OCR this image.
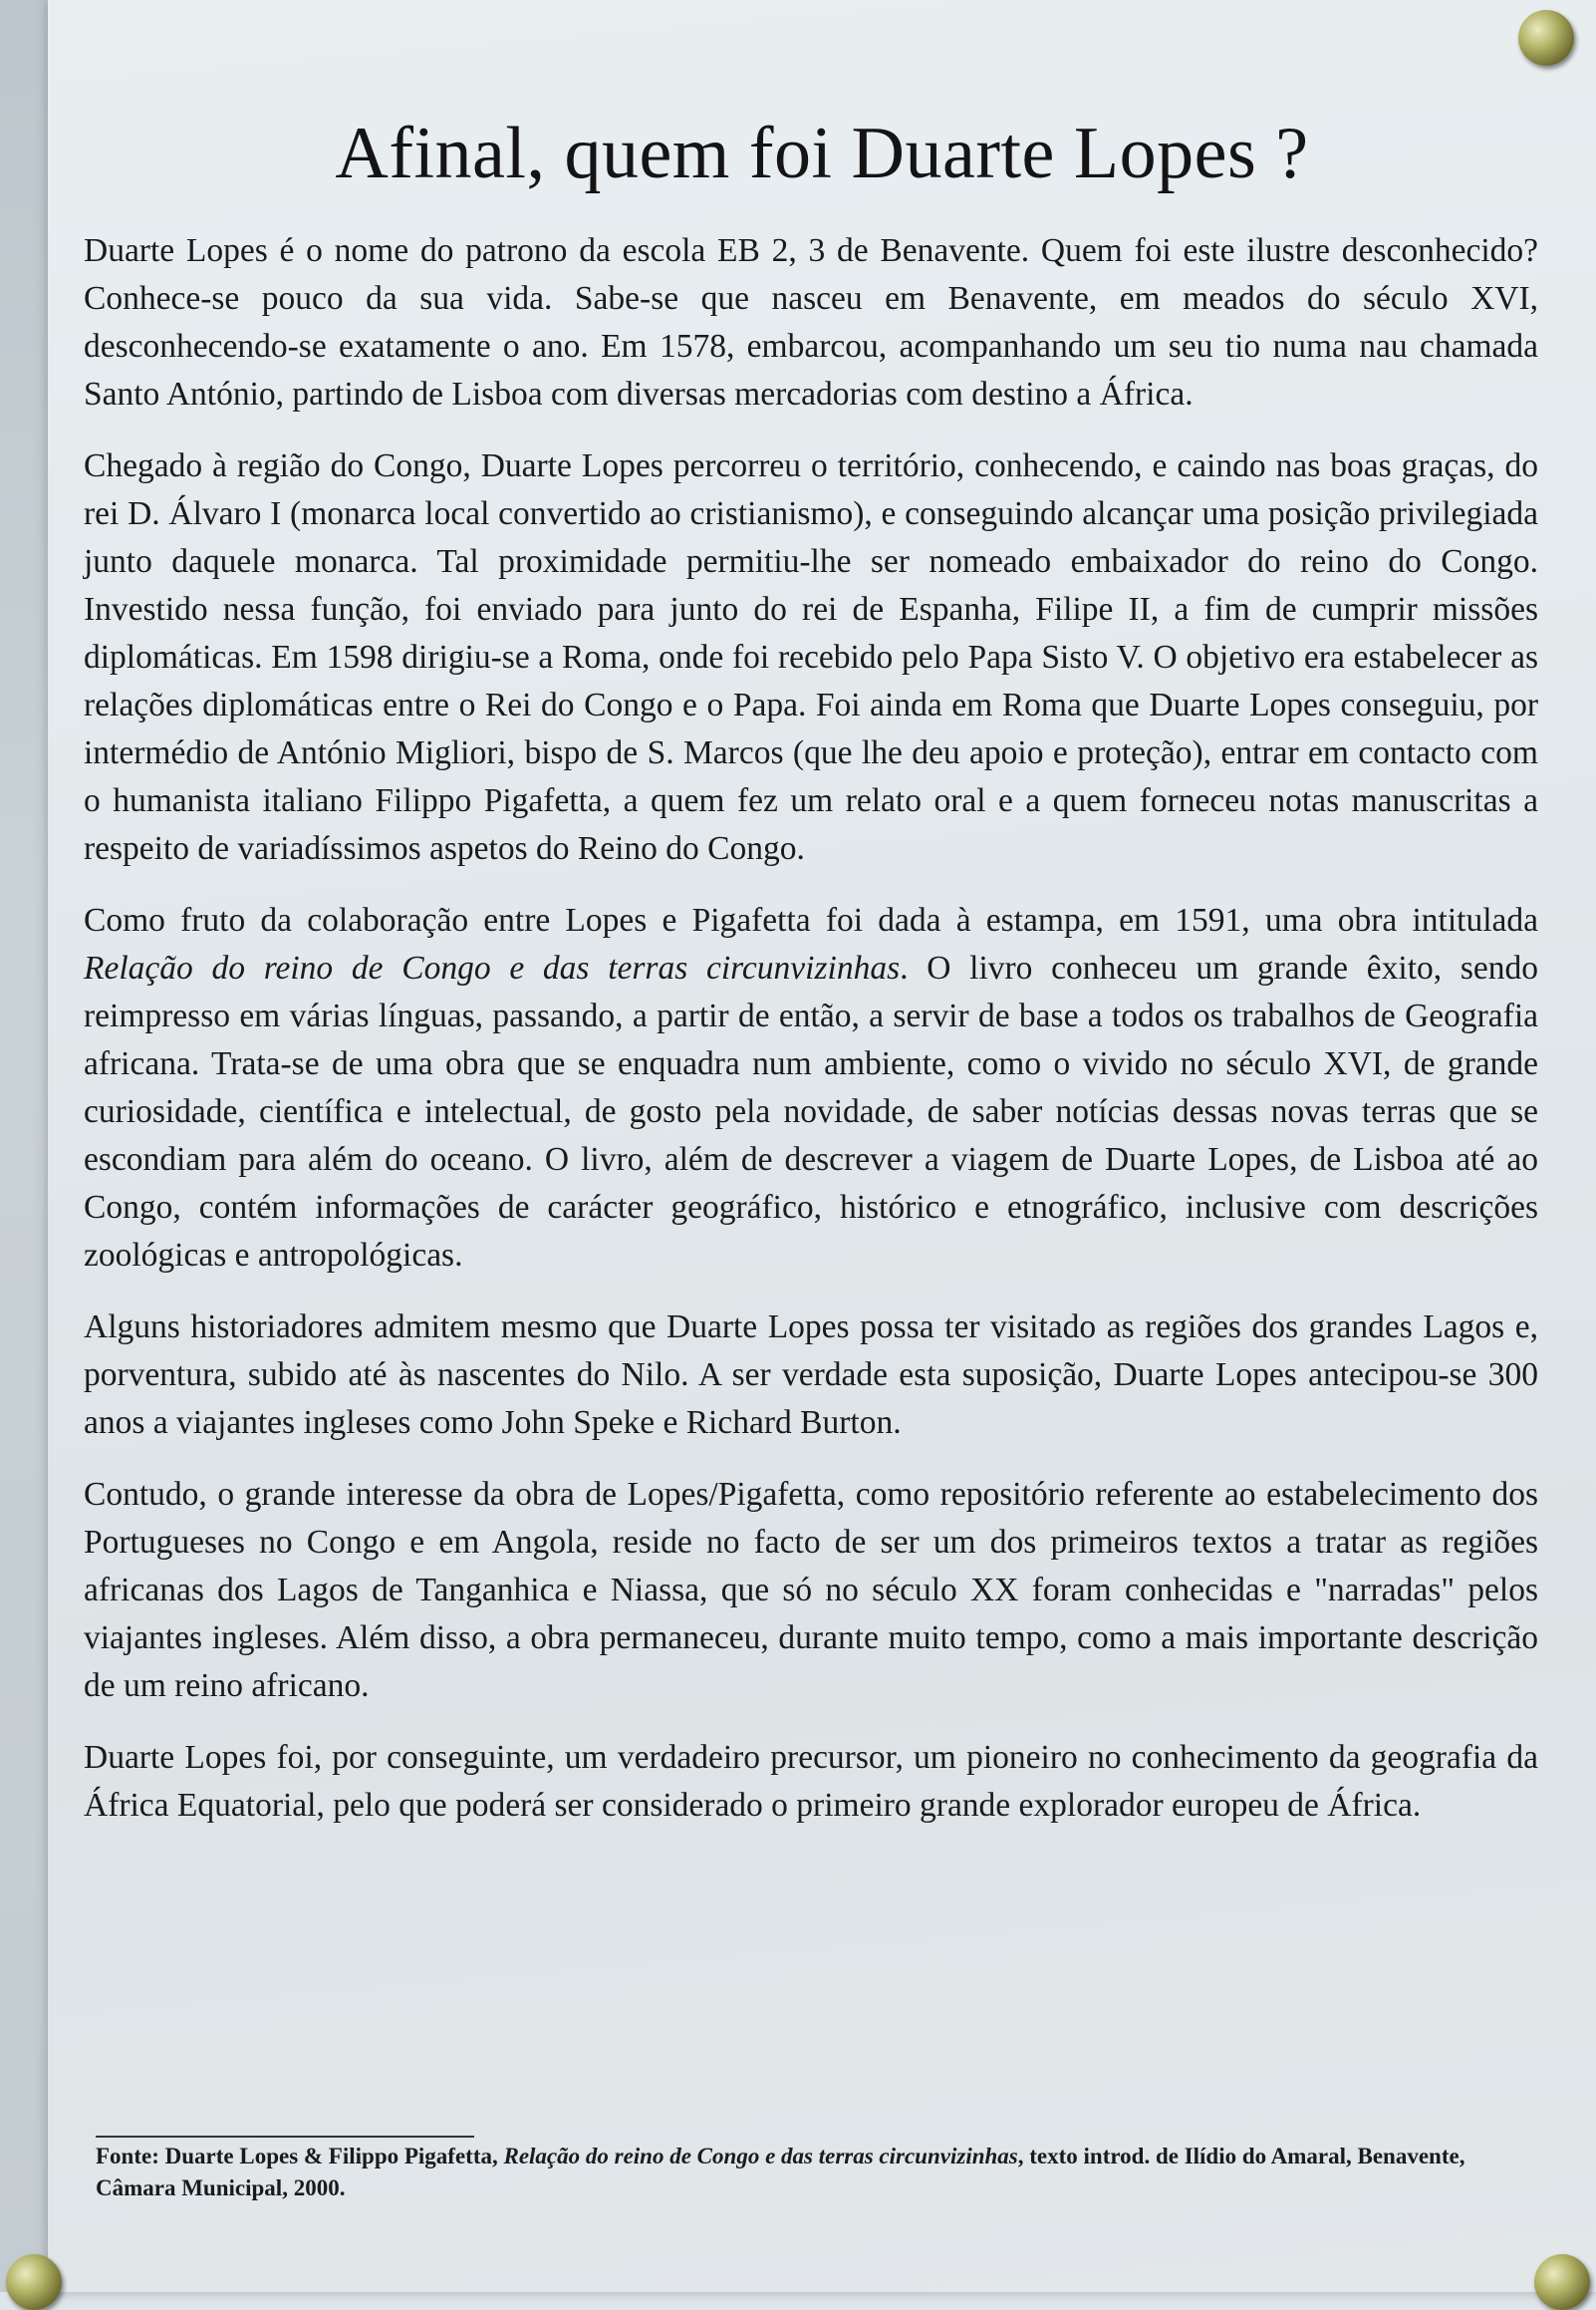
Afinal, quem foi Duarte Lopes ?

Duarte Lopes é o nome do patrono da escola EB 2, 3 de Benavente. Quem foi este ilustre desconhecido? Conhece-se pouco da sua vida. Sabe-se que nasceu em Benavente, em meados do século XVI, desconhecendo-se exatamente o ano. Em 1578, embarcou, acompanhando um seu tio numa nau chamada Santo António, partindo de Lisboa com diversas mercadorias com destino a África.

Chegado à região do Congo, Duarte Lopes percorreu o território, conhecendo, e caindo nas boas graças, do rei D. Álvaro I (monarca local convertido ao cristianismo), e conseguindo alcançar uma posição privilegiada junto daquele monarca. Tal proximidade permitiu-lhe ser nomeado embaixador do reino do Congo. Investido nessa função, foi enviado para junto do rei de Espanha, Filipe II, a fim de cumprir missões diplomáticas. Em 1598 dirigiu-se a Roma, onde foi recebido pelo Papa Sisto V. O objetivo era estabelecer as relações diplomáticas entre o Rei do Congo e o Papa. Foi ainda em Roma que Duarte Lopes conseguiu, por intermédio de António Migliori, bispo de S. Marcos (que lhe deu apoio e proteção), entrar em contacto com o humanista italiano Filippo Pigafetta, a quem fez um relato oral e a quem forneceu notas manuscritas a respeito de variadíssimos aspetos do Reino do Congo.

Como fruto da colaboração entre Lopes e Pigafetta foi dada à estampa, em 1591, uma obra intitulada Relação do reino de Congo e das terras circunvizinhas. O livro conheceu um grande êxito, sendo reimpresso em várias línguas, passando, a partir de então, a servir de base a todos os trabalhos de Geografia africana. Trata-se de uma obra que se enquadra num ambiente, como o vivido no século XVI, de grande curiosidade, científica e intelectual, de gosto pela novidade, de saber notícias dessas novas terras que se escondiam para além do oceano. O livro, além de descrever a viagem de Duarte Lopes, de Lisboa até ao Congo, contém informações de carácter geográfico, histórico e etnográfico, inclusive com descrições zoológicas e antropológicas.

Alguns historiadores admitem mesmo que Duarte Lopes possa ter visitado as regiões dos grandes Lagos e, porventura, subido até às nascentes do Nilo. A ser verdade esta suposição, Duarte Lopes antecipou-se 300 anos a viajantes ingleses como John Speke e Richard Burton.

Contudo, o grande interesse da obra de Lopes/Pigafetta, como repositório referente ao estabelecimento dos Portugueses no Congo e em Angola, reside no facto de ser um dos primeiros textos a tratar as regiões africanas dos Lagos de Tanganhica e Niassa, que só no século XX foram conhecidas e "narradas" pelos viajantes ingleses. Além disso, a obra permaneceu, durante muito tempo, como a mais importante descrição de um reino africano.

Duarte Lopes foi, por conseguinte, um verdadeiro precursor, um pioneiro no conhecimento da geografia da África Equatorial, pelo que poderá ser considerado o primeiro grande explorador europeu de África.

Fonte: Duarte Lopes & Filippo Pigafetta, Relação do reino de Congo e das terras circunvizinhas, texto introd. de Ilídio do Amaral, Benavente, Câmara Municipal, 2000.
